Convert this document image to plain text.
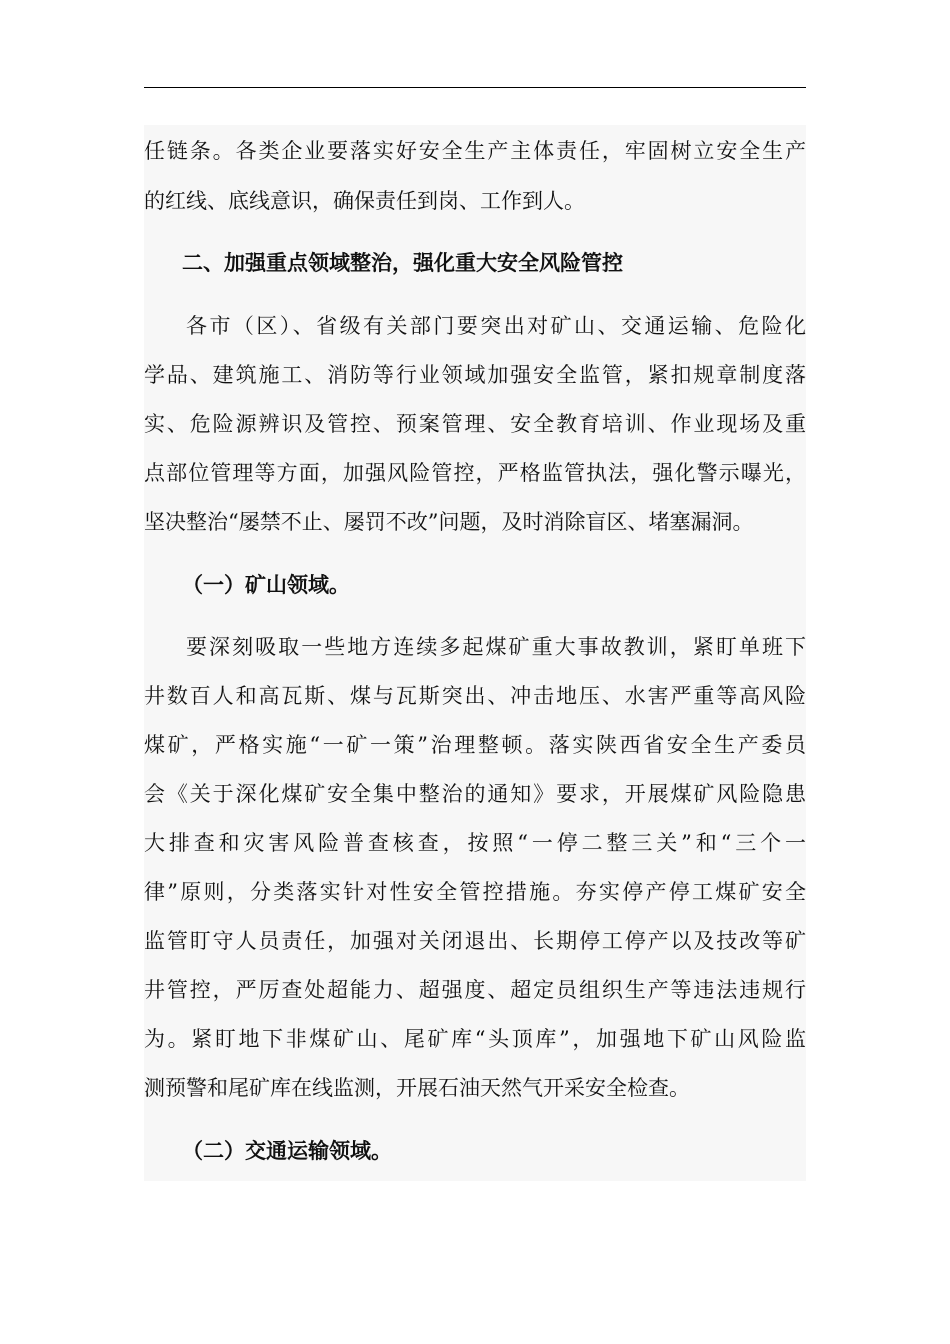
任链条。各类企业要落实好安全生产主体责任，牢固树立安全生产
的红线、底线意识，确保责任到岗、工作到人。
二、加强重点领域整治，强化重大安全风险管控
各市（区）、省级有关部门要突出对矿山、交通运输、危险化
学品、建筑施工、消防等行业领域加强安全监管，紧扣规章制度落
实、危险源辨识及管控、预案管理、安全教育培训、作业现场及重
点部位管理等方面，加强风险管控，严格监管执法，强化警示曝光，
坚决整治“屡禁不止、屡罚不改”问题，及时消除盲区、堵塞漏洞。
（一）矿山领域。
要深刻吸取一些地方连续多起煤矿重大事故教训，紧盯单班下
井数百人和高瓦斯、煤与瓦斯突出、冲击地压、水害严重等高风险
煤矿，严格实施“一矿一策”治理整顿。落实陕西省安全生产委员
会《关于深化煤矿安全集中整治的通知》要求，开展煤矿风险隐患
大排查和灾害风险普查核查，按照“一停二整三关”和“三个一
律”原则，分类落实针对性安全管控措施。夯实停产停工煤矿安全
监管盯守人员责任，加强对关闭退出、长期停工停产以及技改等矿
井管控，严厉查处超能力、超强度、超定员组织生产等违法违规行
为。紧盯地下非煤矿山、尾矿库“头顶库”，加强地下矿山风险监
测预警和尾矿库在线监测，开展石油天然气开采安全检查。
（二）交通运输领域。
